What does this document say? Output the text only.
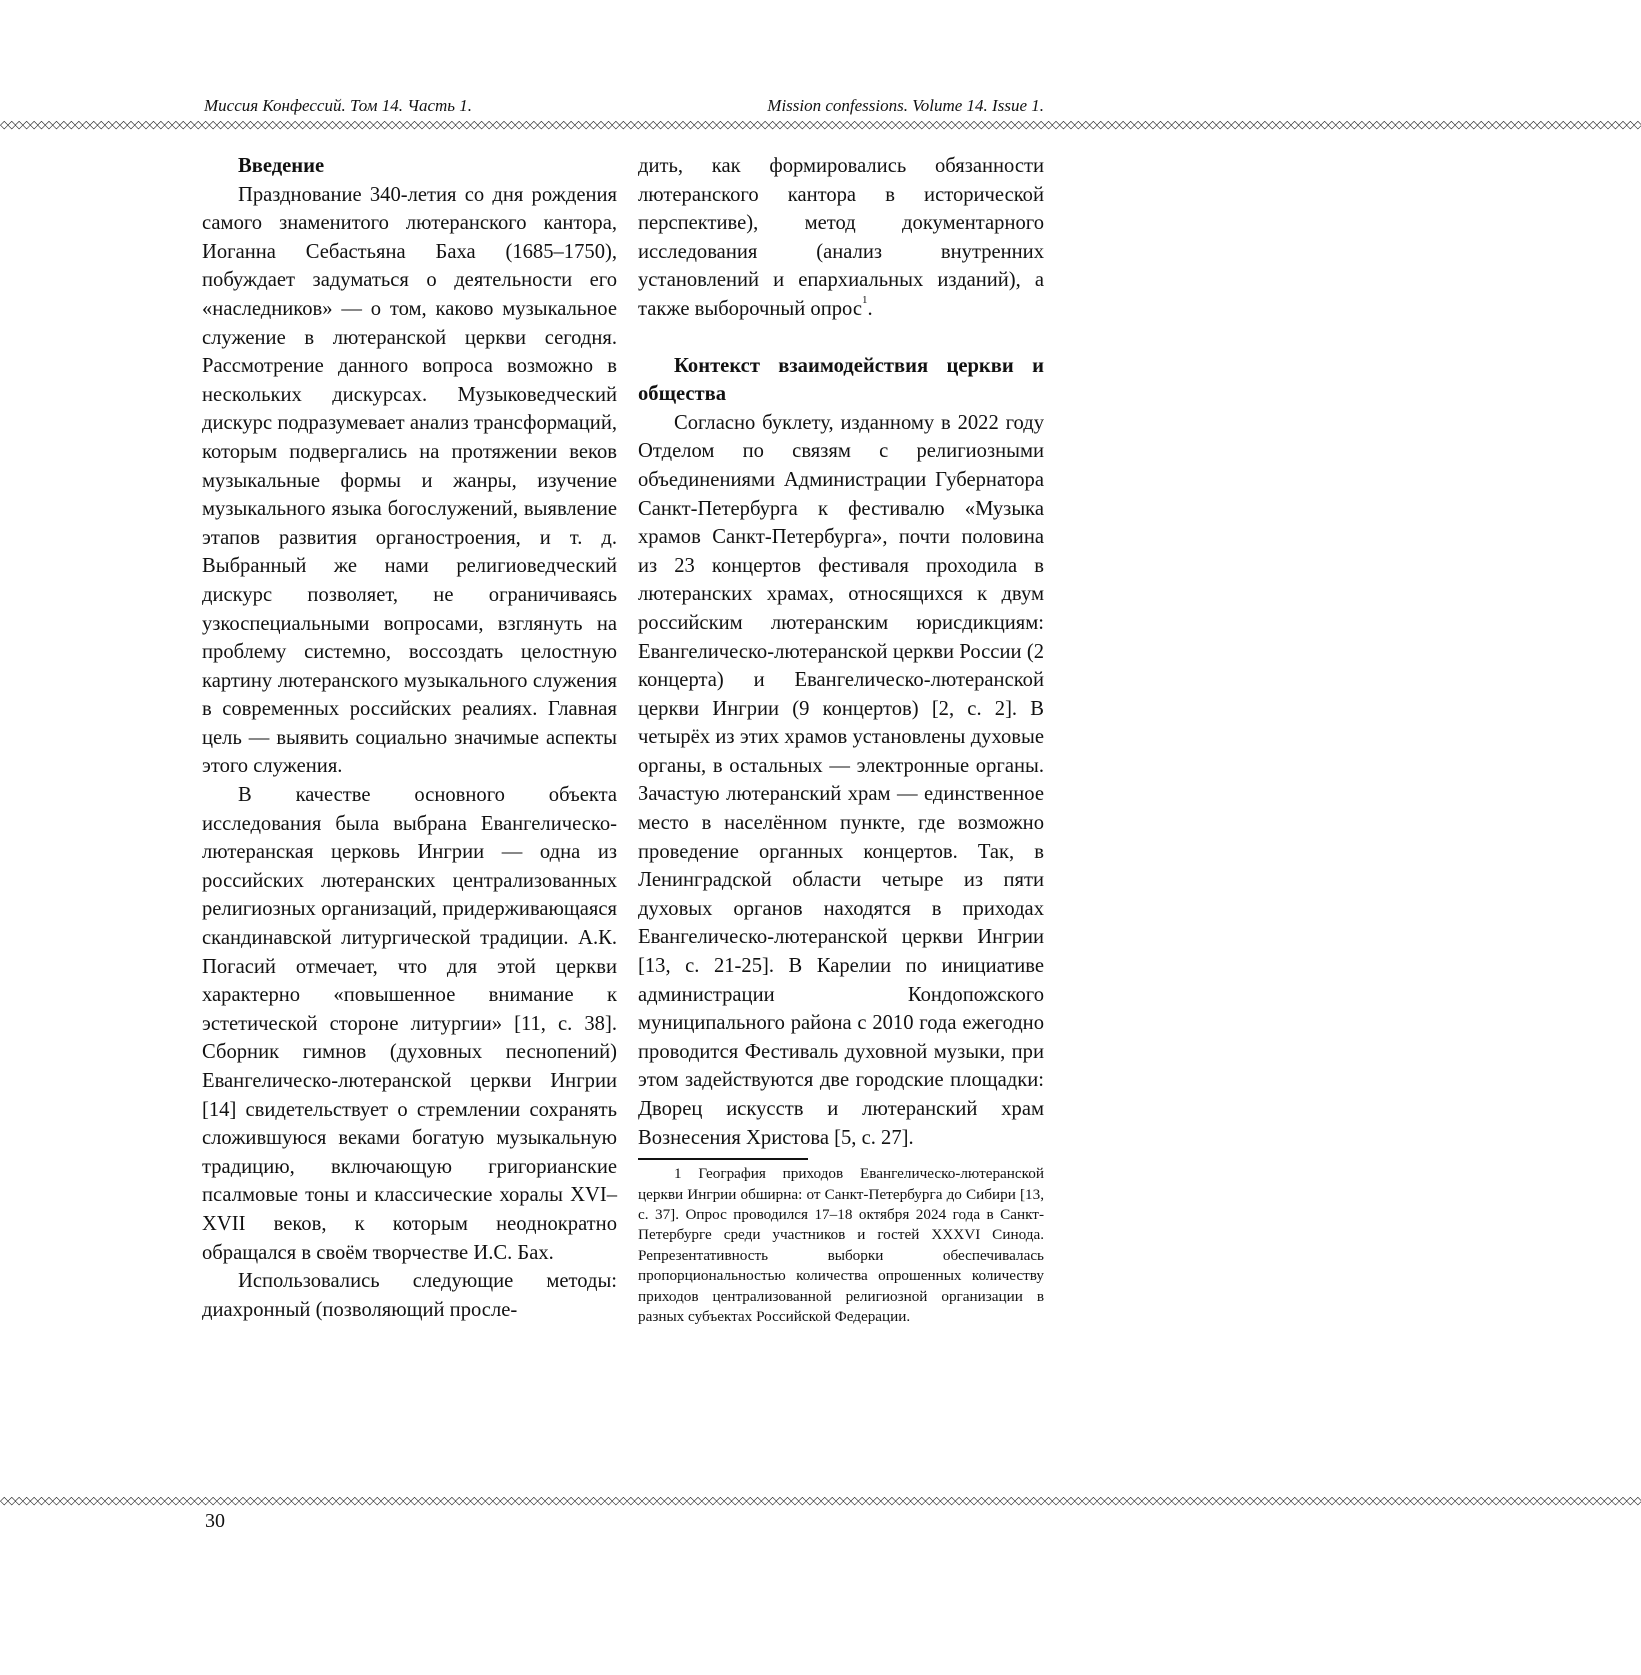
Миссия Конфессий. Том 14. Часть 1.	Mission confessions. Volume 14. Issue 1.
◇◇◇◇◇◇◇◇◇◇◇◇◇◇◇◇◇◇◇◇◇◇◇◇◇◇◇◇◇◇◇◇◇◇◇◇◇◇◇◇◇◇◇◇◇◇◇◇◇◇◇◇◇◇◇◇◇◇◇◇◇◇◇◇◇◇◇◇◇◇◇◇◇◇◇◇◇◇◇◇◇◇◇◇◇◇◇◇◇◇◇◇◇◇◇◇◇◇◇◇◇◇◇◇◇◇◇◇◇◇◇◇◇◇◇◇◇◇◇◇◇◇◇◇◇◇◇◇◇◇◇◇◇◇◇◇◇◇◇◇◇◇◇◇◇◇◇◇◇◇◇◇◇◇◇◇◇◇◇◇◇◇◇◇◇◇◇◇◇◇◇◇◇◇◇◇◇◇◇◇◇◇◇◇◇◇◇◇◇◇◇◇◇◇◇◇◇◇◇◇◇◇◇◇◇◇◇◇◇◇◇◇◇◇◇◇◇◇◇◇
Введение

Празднование 340-летия со дня рождения самого знаменитого лютеранского кантора, Иоганна Себастьяна Баха (1685–1750), побуждает задуматься о деятельности его «наследников» — о том, каково музыкальное служение в лютеранской церкви сегодня. Рассмотрение данного вопроса возможно в нескольких дискурсах. Музыковедческий дискурс подразумевает анализ трансформаций, которым подвергались на протяжении веков музыкальные формы и жанры, изучение музыкального языка богослужений, выявление этапов развития органостроения, и т. д. Выбранный же нами религиоведческий дискурс позволяет, не ограничиваясь узкоспециальными вопросами, взглянуть на проблему системно, воссоздать целостную картину лютеранского музыкального служения в современных российских реалиях. Главная цель — выявить социально значимые аспекты этого служения.

В качестве основного объекта исследования была выбрана Евангелическо-лютеранская церковь Ингрии — одна из российских лютеранских централизованных религиозных организаций, придерживающаяся скандинавской литургической традиции. А.К. Погасий отмечает, что для этой церкви характерно «повышенное внимание к эстетической стороне литургии» [11, с. 38]. Сборник гимнов (духовных песнопений) Евангелическо-лютеранской церкви Ингрии [14] свидетельствует о стремлении сохранять сложившуюся веками богатую музыкальную традицию, включающую григорианские псалмовые тоны и классические хоралы XVI–XVII веков, к которым неоднократно обращался в своём творчестве И.С. Бах.

Использовались следующие методы: диахронный (позволяющий просле-

дить, как формировались обязанности лютеранского кантора в исторической перспективе), метод документарного исследования (анализ внутренних установлений и епархиальных изданий), а также выборочный опрос$^1$.

Контекст взаимодействия церкви и общества

Согласно буклету, изданному в 2022 году Отделом по связям с религиозными объединениями Администрации Губернатора Санкт-Петербурга к фестивалю «Музыка храмов Санкт-Петербурга», почти половина из 23 концертов фестиваля проходила в лютеранских храмах, относящихся к двум российским лютеранским юрисдикциям: Евангелическо-лютеранской церкви России (2 концерта) и Евангелическо-лютеранской церкви Ингрии (9 концертов) [2, с. 2]. В четырёх из этих храмов установлены духовые органы, в остальных — электронные органы. Зачастую лютеранский храм — единственное место в населённом пункте, где возможно проведение органных концертов. Так, в Ленинградской области четыре из пяти духовых органов находятся в приходах Евангелическо-лютеранской церкви Ингрии [13, с. 21-25]. В Карелии по инициативе администрации Кондопожского муниципального района с 2010 года ежегодно проводится Фестиваль духовной музыки, при этом задействуются две городские площадки: Дворец искусств и лютеранский храм Вознесения Христова [5, с. 27].

1 География приходов Евангелическо-лютеранской церкви Ингрии обширна: от Санкт-Петербурга до Сибири [13, с. 37]. Опрос проводился 17–18 октября 2024 года в Санкт-Петербурге среди участников и гостей XXXVI Синода. Репрезентативность выборки обеспечивалась пропорциональностью количества опрошенных количеству приходов централизованной религиозной организации в разных субъектах Российской Федерации.

◇◇◇◇◇◇◇◇◇◇◇◇◇◇◇◇◇◇◇◇◇◇◇◇◇◇◇◇◇◇◇◇◇◇◇◇◇◇◇◇◇◇◇◇◇◇◇◇◇◇◇◇◇◇◇◇◇◇◇◇◇◇◇◇◇◇◇◇◇◇◇◇◇◇◇◇◇◇◇◇◇◇◇◇◇◇◇◇◇◇◇◇◇◇◇◇◇◇◇◇◇◇◇◇◇◇◇◇◇◇◇◇◇◇◇◇◇◇◇◇◇◇◇◇◇◇◇◇◇◇◇◇◇◇◇◇◇◇◇◇◇◇◇◇◇◇◇◇◇◇◇◇◇◇◇◇◇◇◇◇◇◇◇◇◇◇◇◇◇◇◇◇◇◇◇◇◇◇◇◇◇◇◇◇◇◇◇◇◇◇◇◇◇◇◇◇◇◇◇◇◇◇◇◇◇◇◇◇◇◇◇◇◇◇◇◇◇◇◇◇
30
